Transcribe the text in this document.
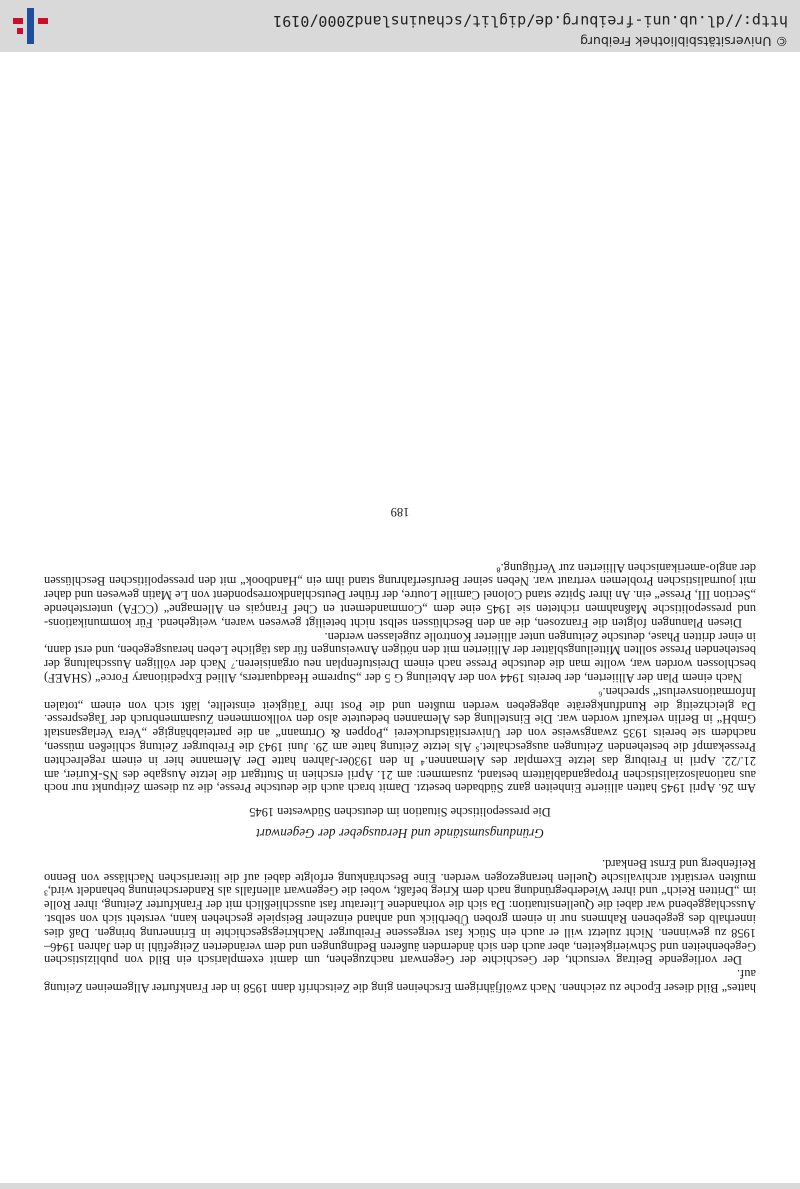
hattes“ Bild dieser Epoche zu zeichnen. Nach zwölfjährigem Erscheinen ging die Zeitschrift dann 1958 in der Frankfurter Allgemeinen Zeitung auf.

Der vorliegende Beitrag versucht, der Geschichte der Gegenwart nachzugehen, um damit exemplarisch ein Bild von publizistischen Gegebenheiten und Schwierigkeiten, aber auch den sich ändernden äußeren Bedingungen und dem veränderten Zeitgefühl in den Jahren 1946–1958 zu gewinnen. Nicht zuletzt will er auch ein Stück fast vergessene Freiburger Nachkriegsgeschichte in Erinnerung bringen. Daß dies innerhalb des gegebenen Rahmens nur in einem groben Überblick und anhand einzelner Beispiele geschehen kann, versteht sich von selbst. Ausschlaggebend war dabei die Quellensituation: Da sich die vorhandene Literatur fast ausschließlich mit der Frankfurter Zeitung, ihrer Rolle im „Dritten Reich“ und ihrer Wiederbegründung nach dem Krieg befaßt, wobei die Gegenwart allenfalls als Randerscheinung behandelt wird,³ mußten verstärkt archivalische Quellen herangezogen werden. Eine Beschränkung erfolgte dabei auf die literarischen Nachlässe von Benno Reifenberg und Ernst Benkard.

Gründungsumstände und Herausgeber der Gegenwart
Die pressepolitische Situation im deutschen Südwesten 1945

Am 26. April 1945 hatten alliierte Einheiten ganz Südbaden besetzt. Damit brach auch die deutsche Presse, die zu diesem Zeitpunkt nur noch aus nationalsozialistischen Propagandablättern bestand, zusammen: am 21. April erschien in Stuttgart die letzte Ausgabe des NS-Kurier, am 21./22. April in Freiburg das letzte Exemplar des Alemannen.⁴ In den 1930er-Jahren hatte Der Alemanne hier in einem regelrechten Pressekampf die bestehenden Zeitungen ausgeschaltet.⁵ Als letzte Zeitung hatte am 29. Juni 1943 die Freiburger Zeitung schließen müssen, nachdem sie bereits 1935 zwangsweise von der Universitätsdruckerei „Poppen & Ortmann“ an die parteiabhängige „Vera Verlagsanstalt GmbH“ in Berlin verkauft worden war. Die Einstellung des Alemannen bedeutete also den vollkommenen Zusammenbruch der Tagespresse. Da gleichzeitig die Rundfunkgeräte abgegeben werden mußten und die Post ihre Tätigkeit einstellte, läßt sich von einem „totalen Informationsverlust“ sprechen.⁶

Nach einem Plan der Alliierten, der bereits 1944 von der Abteilung G 5 der „Supreme Headquarters, Allied Expeditionary Force“ (SHAEF) beschlossen worden war, wollte man die deutsche Presse nach einem Dreistufenplan neu organisieren.⁷ Nach der völligen Ausschaltung der bestehenden Presse sollten Mitteilungsblätter der Alliierten mit den nötigen Anweisungen für das tägliche Leben herausgegeben, und erst dann, in einer dritten Phase, deutsche Zeitungen unter alliierter Kontrolle zugelassen werden.

Diesen Planungen folgten die Franzosen, die an den Beschlüssen selbst nicht beteiligt gewesen waren, weitgehend. Für kommunikations- und pressepolitische Maßnahmen richteten sie 1945 eine dem „Commandement en Chef Français en Allemagne“ (CCFA) unterstehende „Section III, Presse“ ein. An ihrer Spitze stand Colonel Camille Loutre, der früher Deutschlandkorrespondent von Le Matin gewesen und daher mit journalistischen Problemen vertraut war. Neben seiner Berufserfahrung stand ihm ein „Handbook“ mit den pressepolitischen Beschlüssen der anglo-amerikanischen Alliierten zur Verfügung.⁸

189
© Universitätsbibliothek Freiburg
http://dl.ub.uni-freiburg.de/diglit/schauinsland2000/0191
